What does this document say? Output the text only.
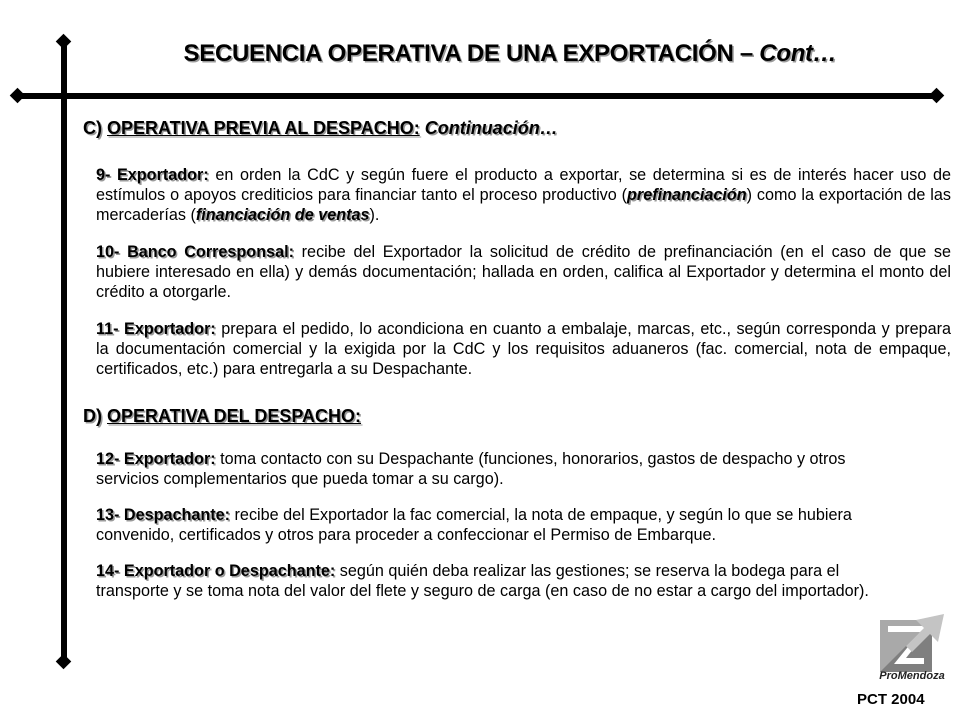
SECUENCIA OPERATIVA DE UNA EXPORTACIÓN – Cont…
C) OPERATIVA PREVIA AL DESPACHO: Continuación…

9- Exportador: en orden la CdC y según fuere el producto a exportar, se determina si es de interés hacer uso de estímulos o apoyos crediticios para financiar tanto el proceso productivo (prefinanciación) como la exportación de las mercaderías (financiación de ventas).

10- Banco Corresponsal: recibe del Exportador la solicitud de crédito de prefinanciación (en el caso de que se hubiere interesado en ella) y demás documentación; hallada en orden, califica al Exportador y determina el monto del crédito a otorgarle.

11- Exportador: prepara el pedido, lo acondiciona en cuanto a embalaje, marcas, etc., según corresponda y prepara la documentación comercial y la exigida por la CdC y los requisitos aduaneros (fac. comercial, nota de empaque, certificados, etc.) para entregarla a su Despachante.

D) OPERATIVA DEL DESPACHO:

12- Exportador: toma contacto con su Despachante (funciones, honorarios, gastos de despacho y otros servicios complementarios que pueda tomar a su cargo).

13- Despachante: recibe del Exportador la fac comercial, la nota de empaque, y según lo que se hubiera convenido, certificados y otros para proceder a confeccionar el Permiso de Embarque.

14- Exportador o Despachante: según quién deba realizar las gestiones; se reserva la bodega para el transporte y se toma nota del valor del flete y seguro de carga (en caso de no estar a cargo del importador).

ProMendoza

PCT 2004
